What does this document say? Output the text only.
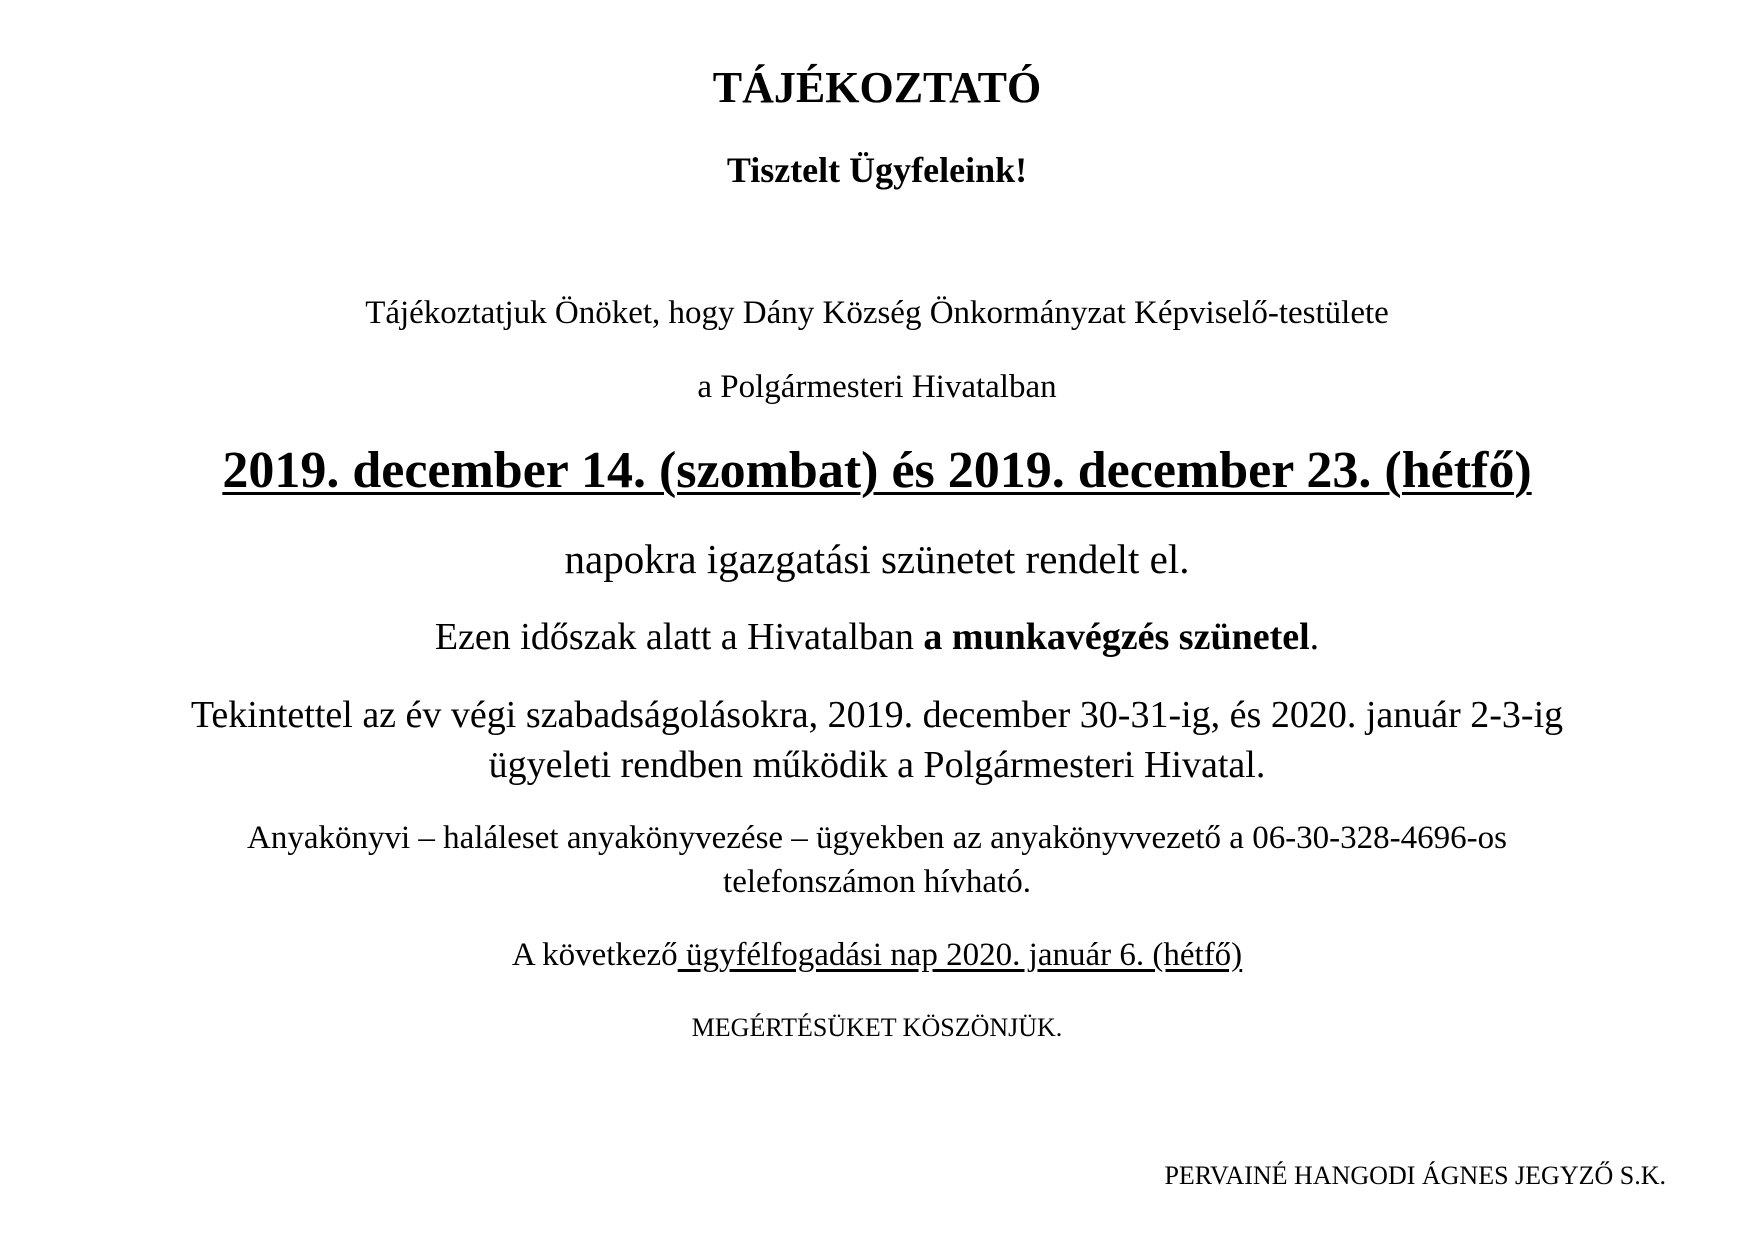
TÁJÉKOZTATÓ
Tisztelt Ügyfeleink!
Tájékoztatjuk Önöket, hogy Dány Község Önkormányzat Képviselő-testülete
a Polgármesteri Hivatalban
2019. december 14. (szombat) és 2019. december 23. (hétfő)
napokra igazgatási szünetet rendelt el.
Ezen időszak alatt a Hivatalban a munkavégzés szünetel.
Tekintettel az év végi szabadságolásokra, 2019. december 30-31-ig, és 2020. január 2-3-ig
ügyeleti rendben működik a Polgármesteri Hivatal.
Anyakönyvi – haláleset anyakönyvezése – ügyekben az anyakönyvvezető a 06-30-328-4696-os
telefonszámon hívható.
A következő ügyfélfogadási nap 2020. január 6. (hétfő)
MEGÉRTÉSÜKET KÖSZÖNJÜK.
PERVAINÉ HANGODI ÁGNES JEGYZŐ S.K.
